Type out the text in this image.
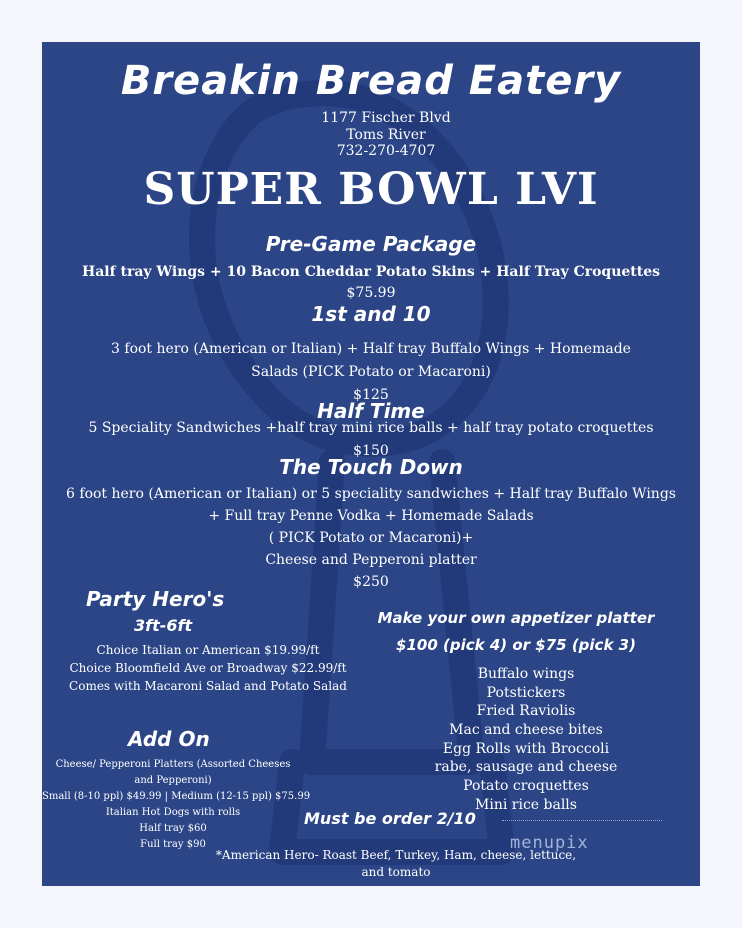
Breakin Bread Eatery
1177 Fischer Blvd
Toms River
732-270-4707
SUPER BOWL LVI
Pre-Game Package
Half tray Wings + 10 Bacon Cheddar Potato Skins + Half Tray Croquettes
$75.99
1st and 10
3 foot hero (American or Italian) + Half tray Buffalo Wings + Homemade
Salads (PICK Potato or Macaroni)
$125
Half Time
5 Speciality Sandwiches +half tray mini rice balls + half tray potato croquettes
$150
The Touch Down
6 foot hero (American or Italian) or 5 speciality sandwiches + Half tray Buffalo Wings
+ Full tray Penne Vodka + Homemade Salads
( PICK Potato or Macaroni)+
Cheese and Pepperoni platter
$250
Party Hero's
3ft-6ft
Choice Italian or American $19.99/ft
Choice Bloomfield Ave or Broadway $22.99/ft
Comes with Macaroni Salad and Potato Salad
Add On
Cheese/ Pepperoni Platters (Assorted Cheeses
and Pepperoni)
Small (8-10 ppl) $49.99 | Medium (12-15 ppl) $75.99
Italian Hot Dogs with rolls
Half tray $60
Full tray $90
Make your own appetizer platter
$100 (pick 4) or $75 (pick 3)
Buffalo wings
Potstickers
Fried Raviolis
Mac and cheese bites
Egg Rolls with Broccoli
rabe, sausage and cheese
Potato croquettes
Mini rice balls
Must be order 2/10
*American Hero- Roast Beef, Turkey, Ham, cheese, lettuce,
and tomato
menupix
